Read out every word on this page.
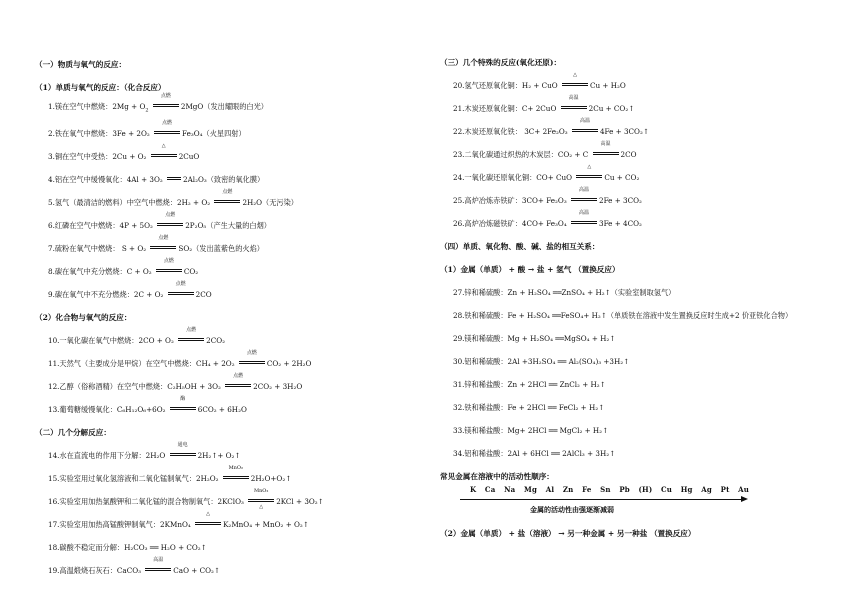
（一）物质与氧气的反应：
（1）单质与氧气的反应：（化合反应）
1.镁在空气中燃烧：$2Mg + O_2$
点燃
2MgO（发出耀眼的白光）
2.铁在氧气中燃烧：3Fe + 2O₂
点燃
Fe₃O₄（火星四射）
3.铜在空气中受热：2Cu + O₂
△
2CuO
4.铝在空气中缓慢氧化：4Al + 3O₂	2Al₂O₃（致密的氧化膜）
5.氢气（最清洁的燃料）中空气中燃烧：2H₂ + O₂
点燃
2H₂O（无污染）
6.红磷在空气中燃烧：4P + 5O₂
点燃
2P₂O₅（产生大量的白烟）
7.硫粉在氧气中燃烧： S + O₂
点燃
SO₂（发出蓝紫色的火焰）
8.碳在氧气中充分燃烧：C + O₂
点燃
CO₂
9.碳在氧气中不充分燃烧：2C + O₂
点燃
2CO
（2）化合物与氧气的反应：
10.一氧化碳在氧气中燃烧：2CO + O₂
点燃
2CO₂
11.天然气（主要成分是甲烷）在空气中燃烧：CH₄ + 2O₂
点燃
CO₂ + 2H₂O
12.乙醇（俗称酒精）在空气中燃烧：C₂H₅OH + 3O₂
点燃
2CO₂ + 3H₂O
13.葡萄糖缓慢氧化：C₆H₁₂O₆+6O₂
酶
6CO₂ + 6H₂O
（二）几个分解反应：
14.水在直流电的作用下分解：2H₂O
通电
2H₂↑+ O₂↑
15.实验室用过氧化氢溶液和二氧化锰制氧气：2H₂O₂
MnO₂
2H₂O+O₂↑
16.实验室用加热氯酸钾和二氧化锰的混合物制氧气：2KClO₃
MnO₂
△
2KCl + 3O₂↑
17.实验室用加热高锰酸钾制氧气：2KMnO₄
△
K₂MnO₄ + MnO₂ + O₂↑
18.碳酸不稳定而分解：H₂CO₃ ══ H₂O + CO₂↑
19.高温煅烧石灰石：CaCO₃
高温
CaO + CO₂↑
（三）几个特殊的反应(氧化还原)：
20.氢气还原氧化铜：H₂ + CuO
△
Cu + H₂O
21.木炭还原氧化铜：C+ 2CuO
高温
2Cu + CO₂↑
22.木炭还原氧化铁： 3C+ 2Fe₂O₃
高温
4Fe + 3CO₂↑
23.二氧化碳通过炽热的木炭层：CO₂ + C
高温
2CO
24.一氧化碳还原氧化铜：CO+ CuO
△
Cu + CO₂
25.高炉冶炼赤铁矿：3CO+ Fe₂O₃
高温
2Fe + 3CO₂
26.高炉冶炼磁铁矿：4CO+ Fe₃O₄
高温
3Fe + 4CO₂
（四）单质、氧化物、酸、碱、盐的相互关系：
（1）金属（单质） + 酸 → 盐 + 氢气 （置换反应）
27.锌和稀硫酸：Zn + H₂SO₄ ══ZnSO₄ + H₂↑（实验室制取氢气）
28.铁和稀硫酸：Fe + H₂SO₄ ══FeSO₄+ H₂↑（单质铁在溶液中发生置换反应时生成+2 价亚铁化合物）
29.镁和稀硫酸：Mg + H₂SO₄ ══MgSO₄ + H₂↑
30.铝和稀硫酸：2Al +3H₂SO₄ ══ Al₂(SO₄)₃ +3H₂↑
31.锌和稀盐酸：Zn + 2HCl ══ ZnCl₂ + H₂↑
32.铁和稀盐酸：Fe + 2HCl ══ FeCl₂ + H₂↑
33.镁和稀盐酸：Mg+ 2HCl ══ MgCl₂ + H₂↑
34.铝和稀盐酸：2Al + 6HCl ══ 2AlCl₃ + 3H₂↑
常见金属在溶液中的活动性顺序：
K Ca Na Mg Al Zn Fe Sn Pb (H) Cu Hg Ag Pt Au
金属的活动性由强逐渐减弱
（2）金属（单质） + 盐（溶液） → 另一种金属 + 另一种盐 （置换反应）
